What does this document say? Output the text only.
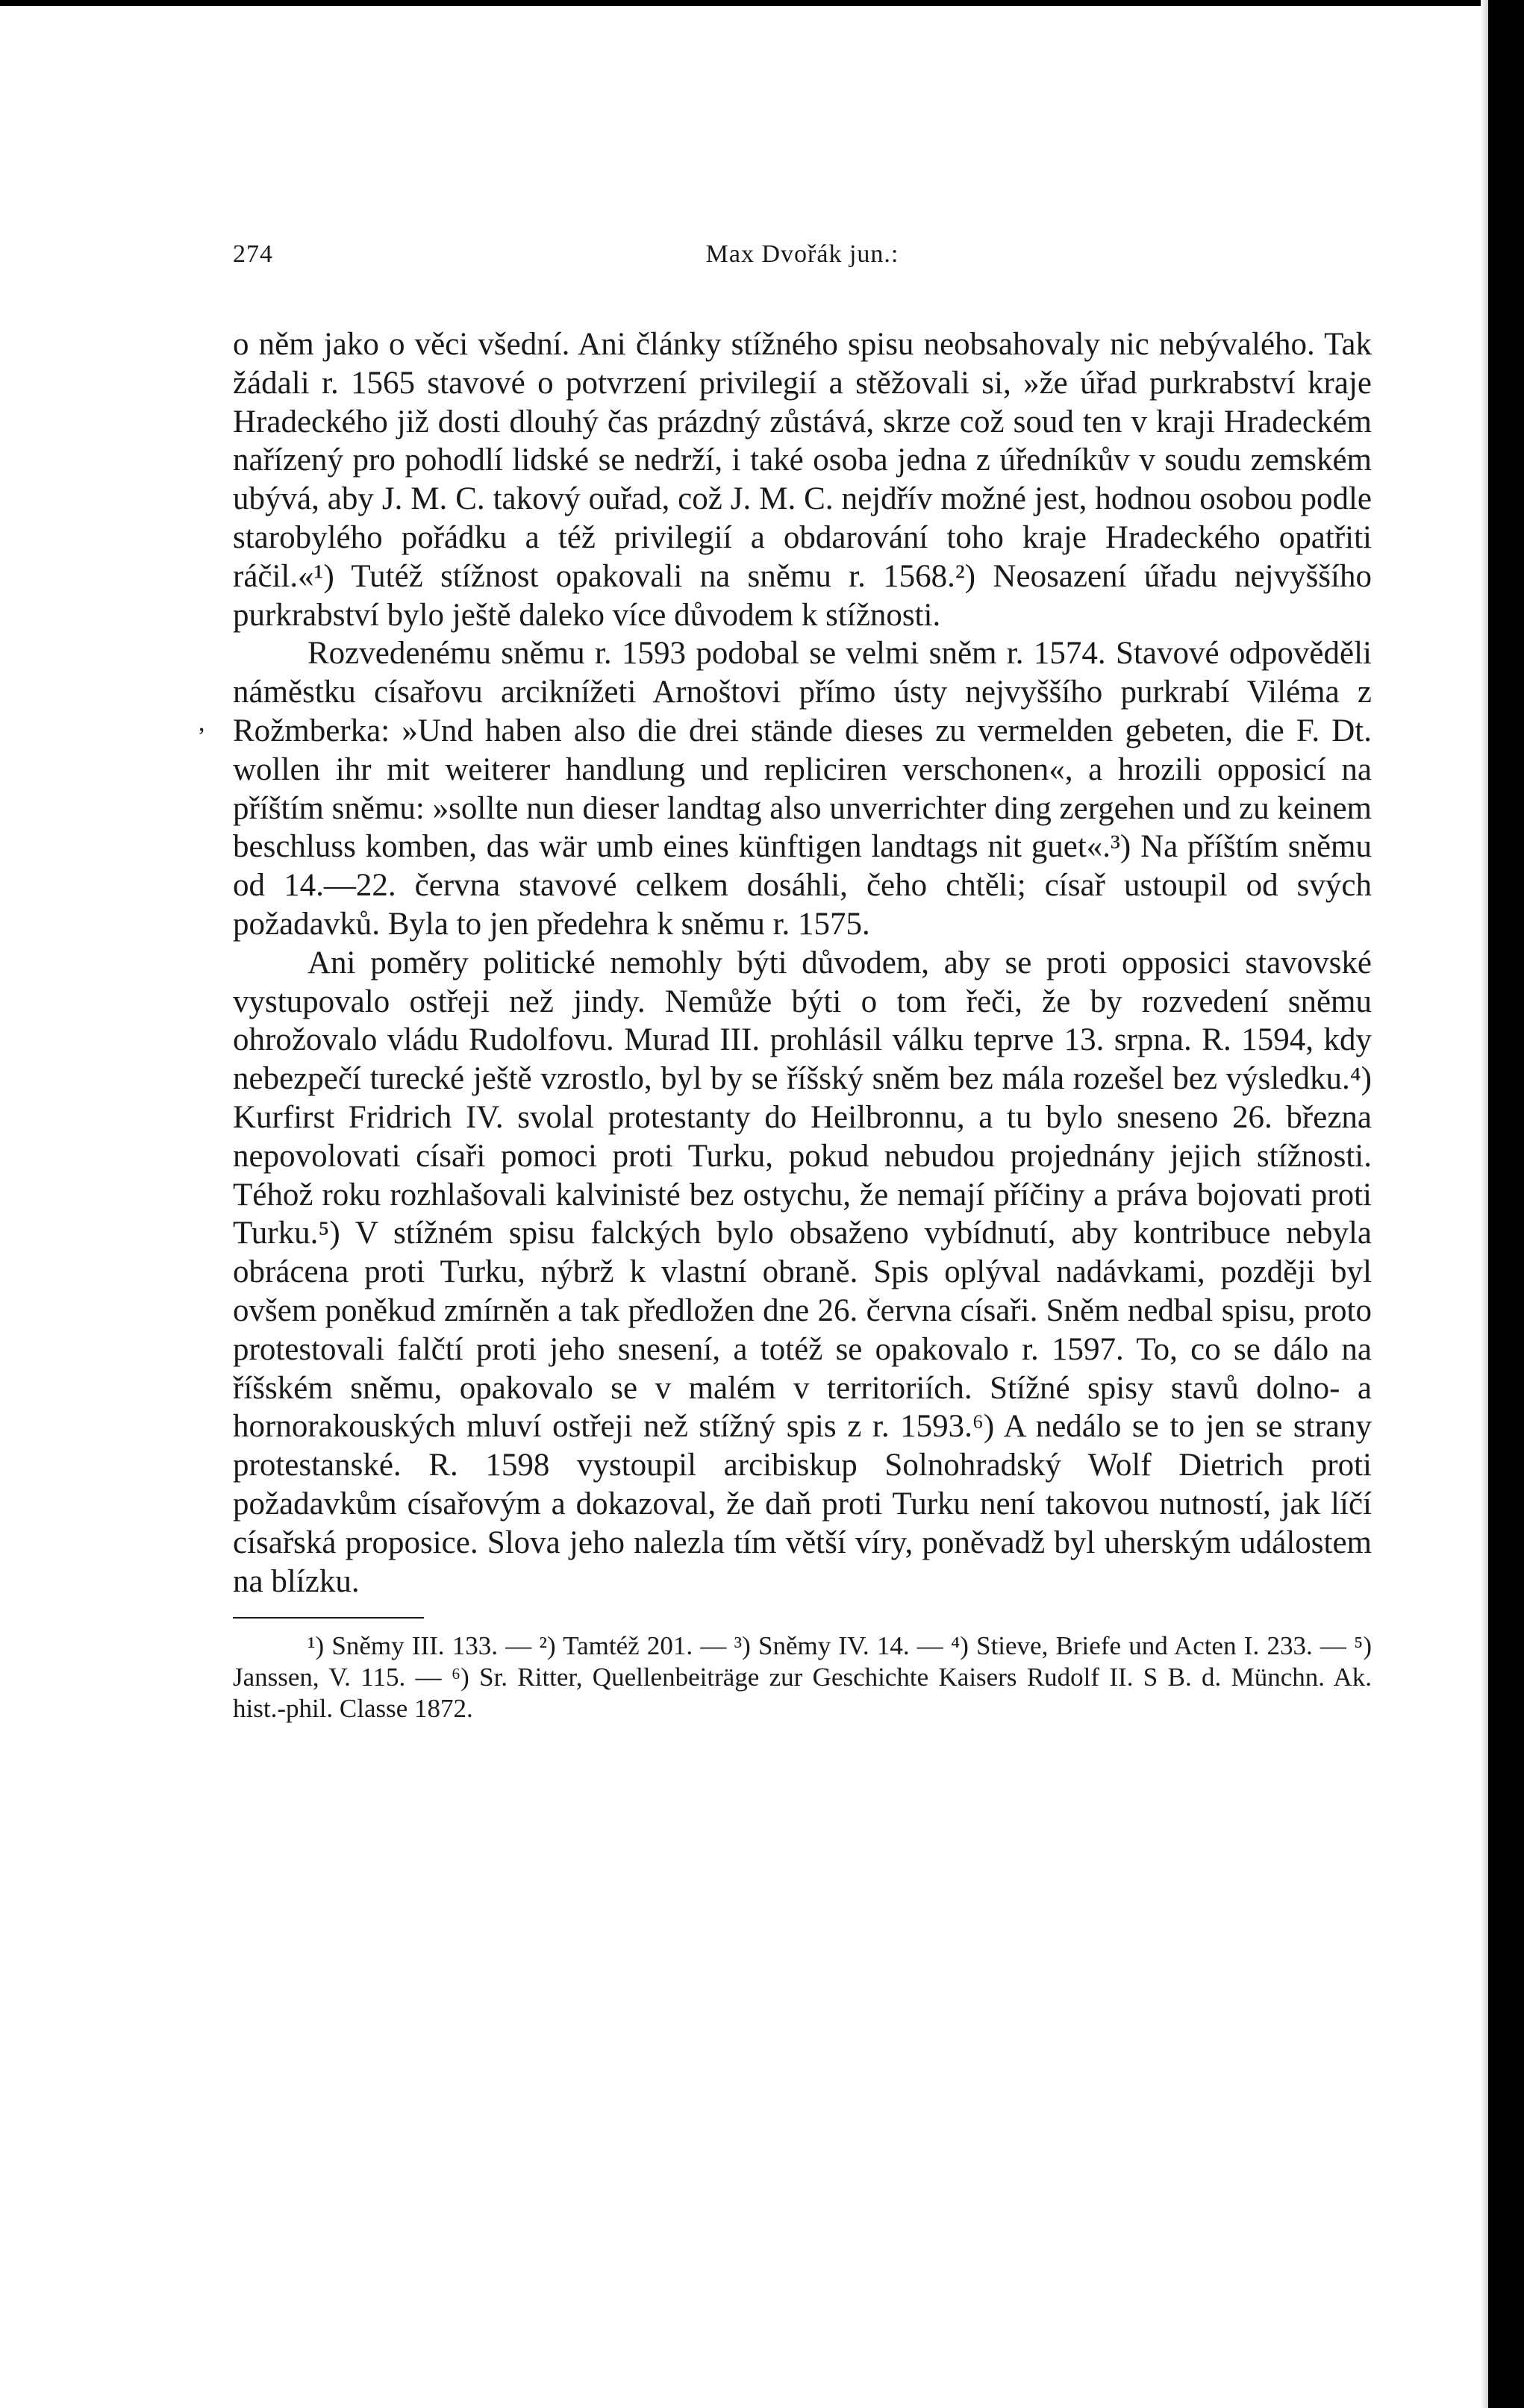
,
274	Max Dvořák jun.:

o něm jako o věci všední. Ani články stížného spisu neobsahovaly nic nebývalého. Tak žádali r. 1565 stavové o potvrzení privilegií a stěžovali si, »že úřad purkrabství kraje Hradeckého již dosti dlouhý čas prázdný zůstává, skrze což soud ten v kraji Hradeckém nařízený pro pohodlí lidské se nedrží, i také osoba jedna z úředníkův v soudu zemském ubývá, aby J. M. C. takový ouřad, což J. M. C. nejdřív možné jest, hodnou osobou podle starobylého pořádku a též privilegií a obdarování toho kraje Hradeckého opatřiti ráčil.«¹) Tutéž stížnost opakovali na sněmu r. 1568.²) Neosazení úřadu nejvyššího purkrabství bylo ještě daleko více důvodem k stížnosti.

Rozvedenému sněmu r. 1593 podobal se velmi sněm r. 1574. Stavové odpověděli náměstku císařovu arciknížeti Arnoštovi přímo ústy nejvyššího purkrabí Viléma z Rožmberka: »Und haben also die drei stände dieses zu vermelden gebeten, die F. Dt. wollen ihr mit weiterer handlung und repliciren verschonen«, a hrozili opposicí na příštím sněmu: »sollte nun dieser landtag also unverrichter ding zergehen und zu keinem beschluss komben, das wär umb eines künftigen landtags nit guet«.³) Na příštím sněmu od 14.—22. června stavové celkem dosáhli, čeho chtěli; císař ustoupil od svých požadavků. Byla to jen předehra k sněmu r. 1575.

Ani poměry politické nemohly býti důvodem, aby se proti opposici stavovské vystupovalo ostřeji než jindy. Nemůže býti o tom řeči, že by rozvedení sněmu ohrožovalo vládu Rudolfovu. Murad III. prohlásil válku teprve 13. srpna. R. 1594, kdy nebezpečí turecké ještě vzrostlo, byl by se říšský sněm bez mála rozešel bez výsledku.⁴) Kurfirst Fridrich IV. svolal protestanty do Heilbronnu, a tu bylo sneseno 26. března nepovolovati císaři pomoci proti Turku, pokud nebudou projednány jejich stížnosti. Téhož roku rozhlašovali kalvinisté bez ostychu, že nemají příčiny a práva bojovati proti Turku.⁵) V stížném spisu falckých bylo obsaženo vybídnutí, aby kontribuce nebyla obrácena proti Turku, nýbrž k vlastní obraně. Spis oplýval nadávkami, později byl ovšem poněkud zmírněn a tak předložen dne 26. června císaři. Sněm nedbal spisu, proto protestovali falčtí proti jeho snesení, a totéž se opakovalo r. 1597. To, co se dálo na říšském sněmu, opakovalo se v malém v territoriích. Stížné spisy stavů dolno- a hornorakouských mluví ostřeji než stížný spis z r. 1593.⁶) A nedálo se to jen se strany protestanské. R. 1598 vystoupil arcibiskup Solnohradský Wolf Dietrich proti požadavkům císařovým a dokazoval, že daň proti Turku není takovou nutností, jak líčí císařská proposice. Slova jeho nalezla tím větší víry, poněvadž byl uherským událostem na blízku.

¹) Sněmy III. 133. — ²) Tamtéž 201. — ³) Sněmy IV. 14. — ⁴) Stieve, Briefe und Acten I. 233. — ⁵) Janssen, V. 115. — ⁶) Sr. Ritter, Quellenbeiträge zur Geschichte Kaisers Rudolf II. S B. d. Münchn. Ak. hist.-phil. Classe 1872.
